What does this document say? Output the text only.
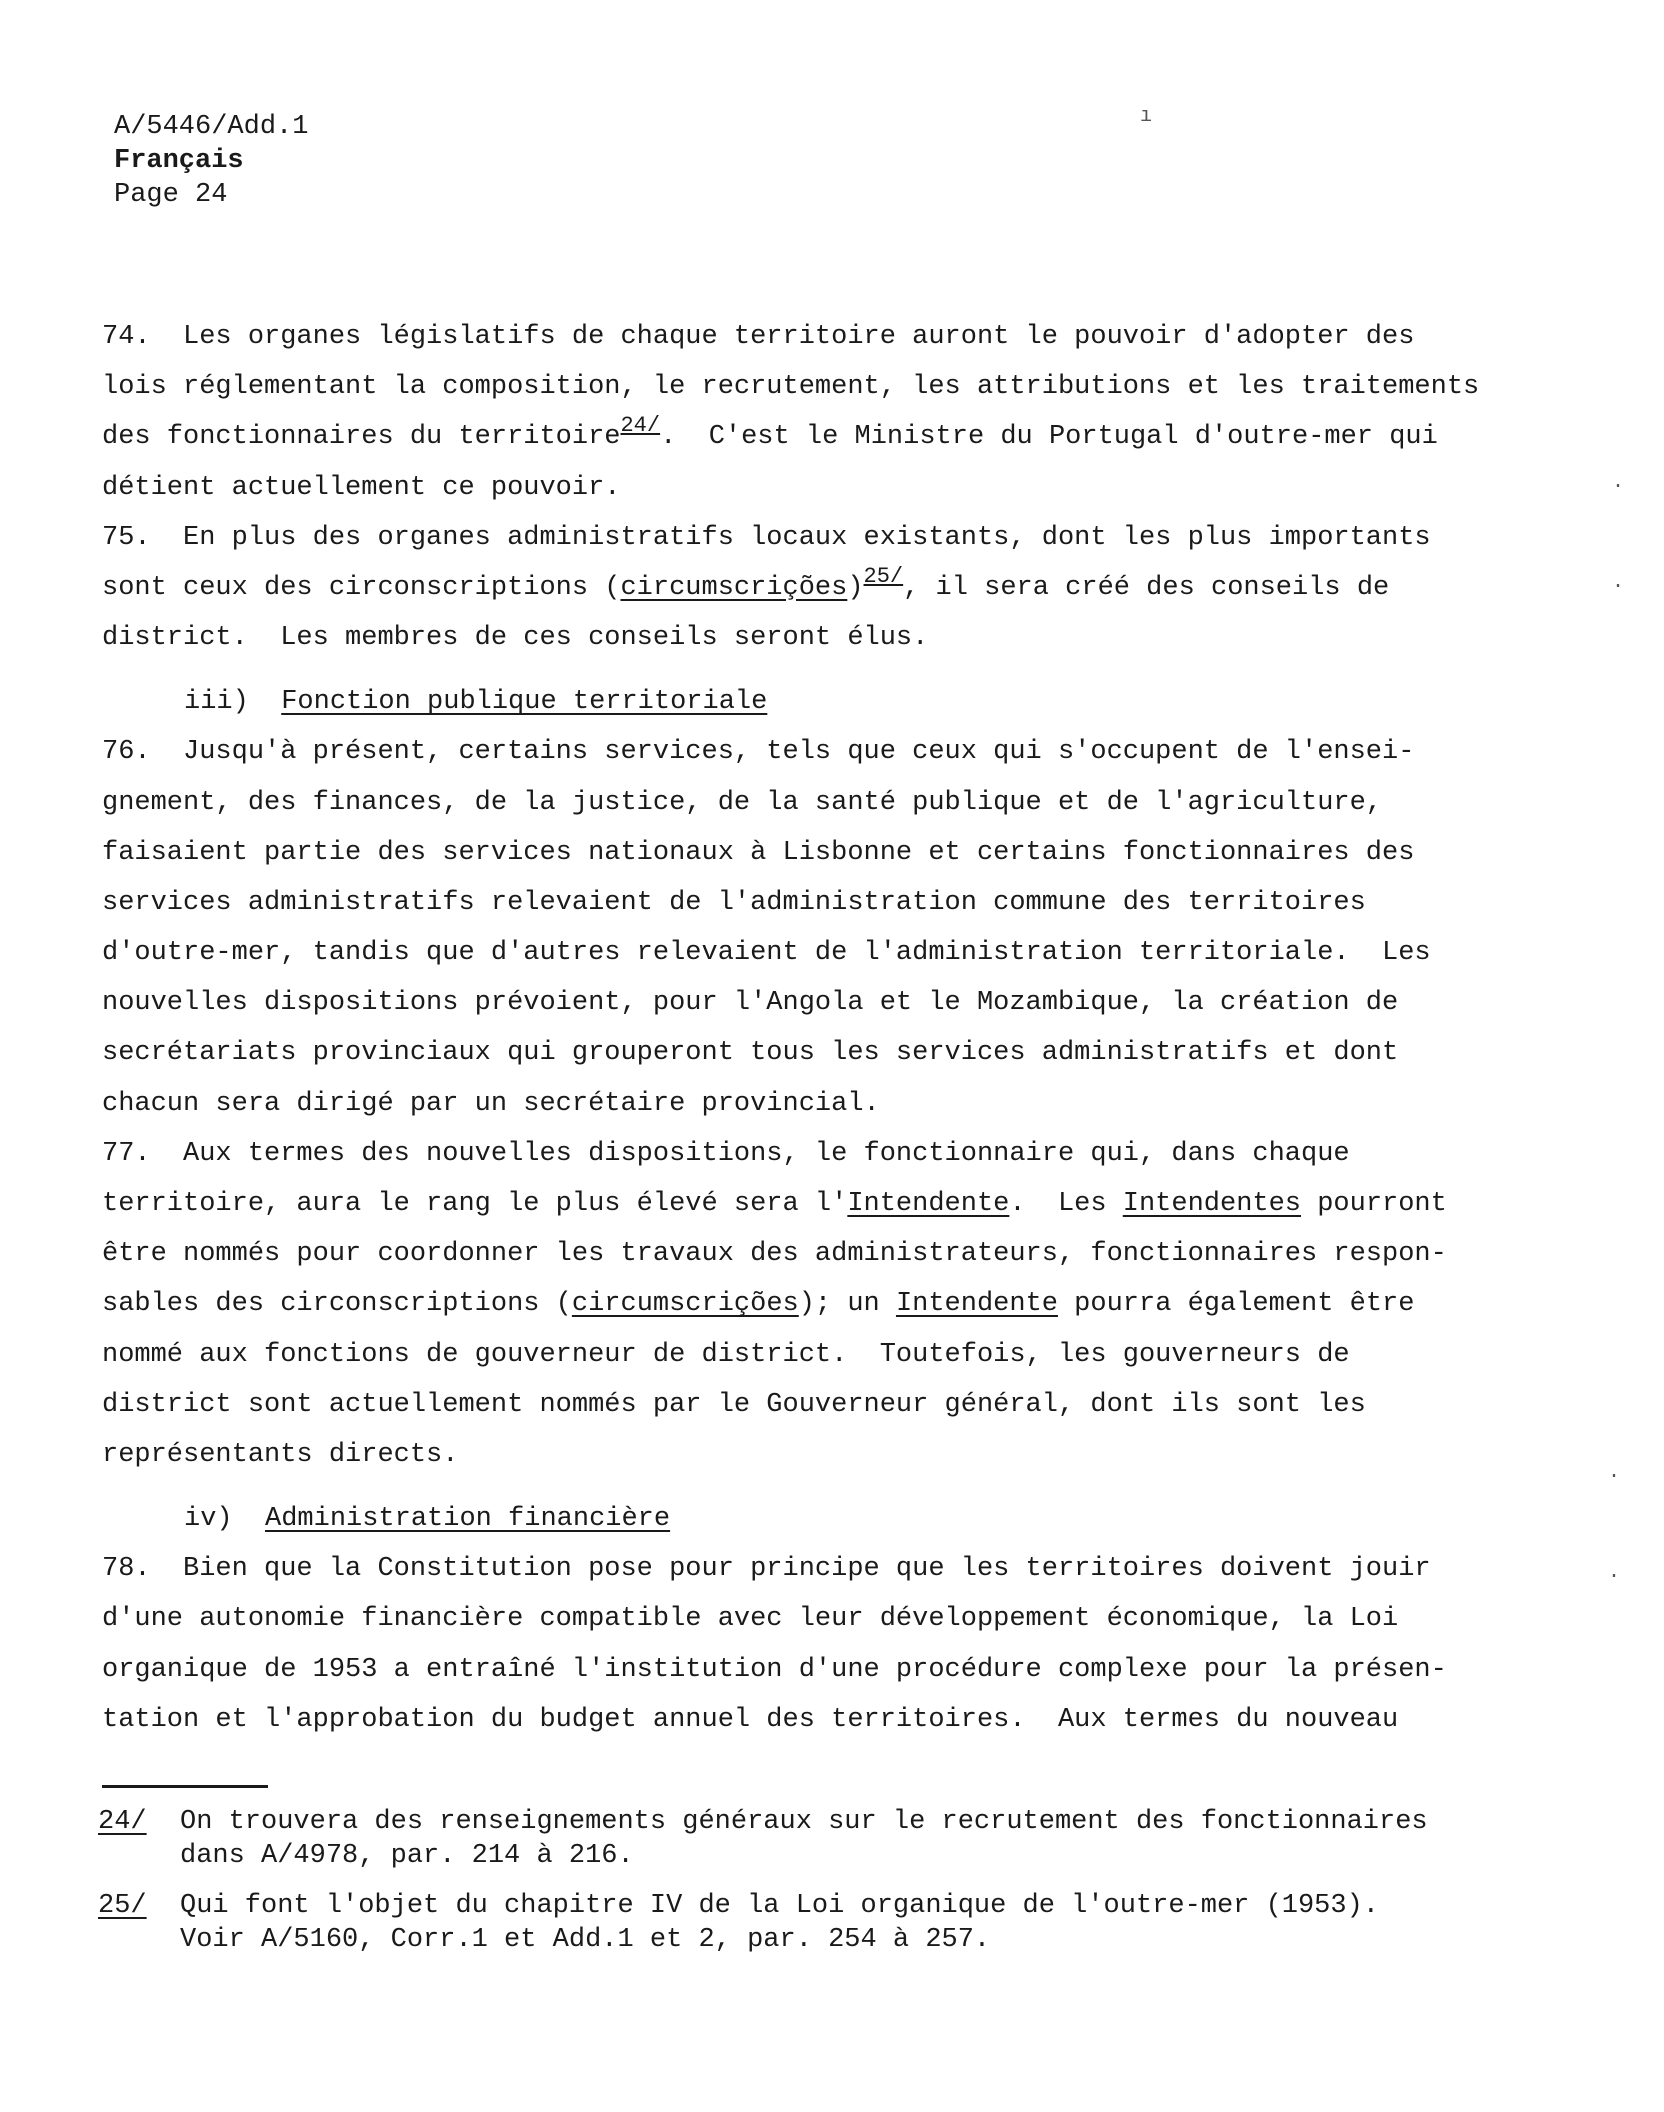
A/5446/Add.1
Français
Page 24
74.  Les organes législatifs de chaque territoire auront le pouvoir d'adopter des
lois réglementant la composition, le recrutement, les attributions et les traitements
des fonctionnaires du territoire$^{24/}$.  C'est le Ministre du Portugal d'outre-mer qui
détient actuellement ce pouvoir.
75.  En plus des organes administratifs locaux existants, dont les plus importants
sont ceux des circonscriptions (circumscrições)$^{25/}$, il sera créé des conseils de
district.  Les membres de ces conseils seront élus.
iii)  Fonction publique territoriale
76.  Jusqu'à présent, certains services, tels que ceux qui s'occupent de l'ensei-
gnement, des finances, de la justice, de la santé publique et de l'agriculture,
faisaient partie des services nationaux à Lisbonne et certains fonctionnaires des
services administratifs relevaient de l'administration commune des territoires
d'outre-mer, tandis que d'autres relevaient de l'administration territoriale.  Les
nouvelles dispositions prévoient, pour l'Angola et le Mozambique, la création de
secrétariats provinciaux qui grouperont tous les services administratifs et dont
chacun sera dirigé par un secrétaire provincial.
77.  Aux termes des nouvelles dispositions, le fonctionnaire qui, dans chaque
territoire, aura le rang le plus élevé sera l'Intendente.  Les Intendentes pourront
être nommés pour coordonner les travaux des administrateurs, fonctionnaires respon-
sables des circonscriptions (circumscrições); un Intendente pourra également être
nommé aux fonctions de gouverneur de district.  Toutefois, les gouverneurs de
district sont actuellement nommés par le Gouverneur général, dont ils sont les
représentants directs.
iv)  Administration financière
78.  Bien que la Constitution pose pour principe que les territoires doivent jouir
d'une autonomie financière compatible avec leur développement économique, la Loi
organique de 1953 a entraîné l'institution d'une procédure complexe pour la présen-
tation et l'approbation du budget annuel des territoires.  Aux termes du nouveau
24/	On trouvera des renseignements généraux sur le recrutement des fonctionnaires
dans A/4978, par. 214 à 216.
25/	Qui font l'objet du chapitre IV de la Loi organique de l'outre-mer (1953).
Voir A/5160, Corr.1 et Add.1 et 2, par. 254 à 257.
ı
·
·
·
·
